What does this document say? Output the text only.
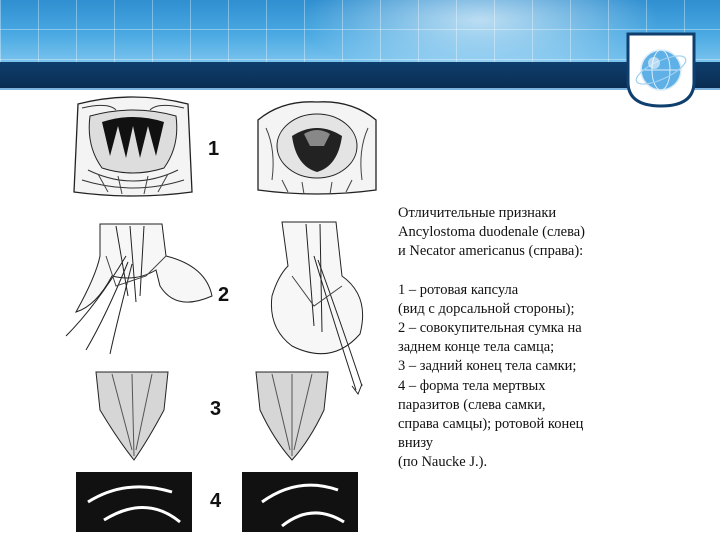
1
2
3
4
Отличительные признаки
Ancylostoma duodenale (слева)
и Necator americanus (справа):
1 – ротовая капсула
(вид с дорсальной стороны);
2 – совокупительная сумка на
заднем конце тела самца;
3 – задний конец тела самки;
4 – форма тела мертвых
паразитов (слева самки,
справа самцы); ротовой конец
внизу
(по Naucke J.).
